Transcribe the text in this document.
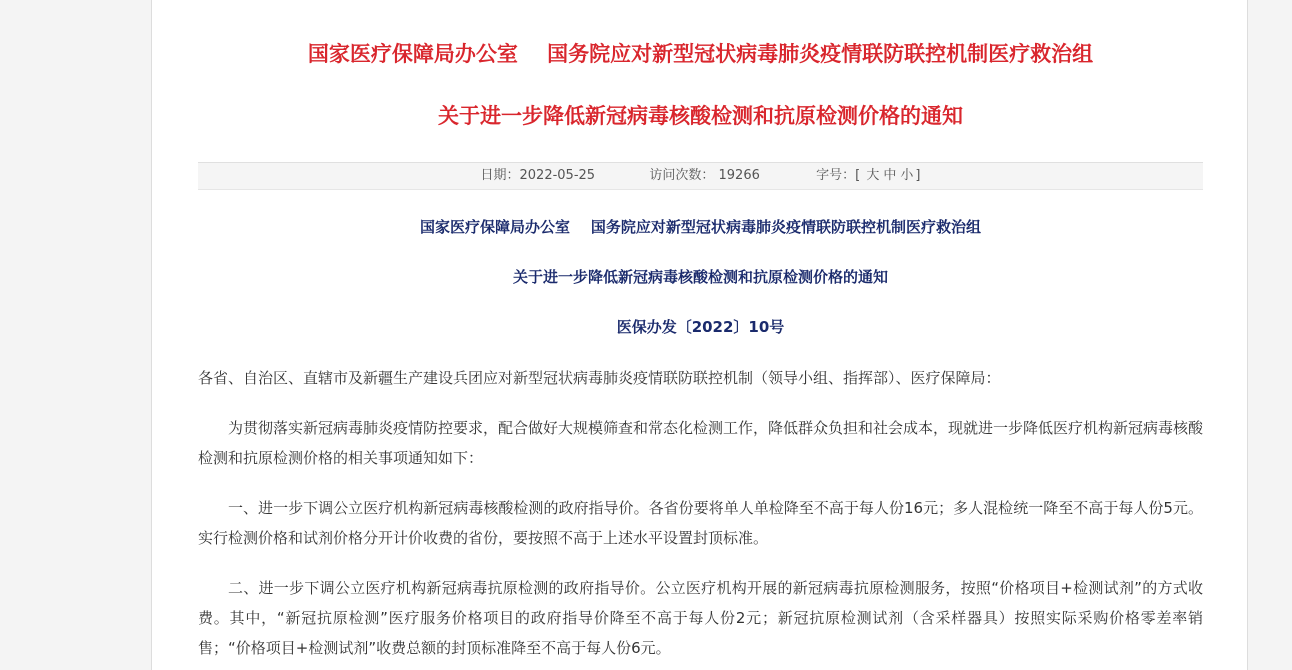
国家医疗保障局办公室    国务院应对新型冠状病毒肺炎疫情联防联控机制医疗救治组
关于进一步降低新冠病毒核酸检测和抗原检测价格的通知
日期：2022-05-25	访问次数： 19266	字号：[ 大 中 小 ]
国家医疗保障局办公室    国务院应对新型冠状病毒肺炎疫情联防联控机制医疗救治组
关于进一步降低新冠病毒核酸检测和抗原检测价格的通知
医保办发〔2022〕10号
各省、自治区、直辖市及新疆生产建设兵团应对新型冠状病毒肺炎疫情联防联控机制（领导小组、指挥部）、医疗保障局：
为贯彻落实新冠病毒肺炎疫情防控要求，配合做好大规模筛查和常态化检测工作，降低群众负担和社会成本，现就进一步降低医疗机构新冠病毒核酸检测和抗原检测价格的相关事项通知如下：
一、进一步下调公立医疗机构新冠病毒核酸检测的政府指导价。各省份要将单人单检降至不高于每人份16元；多人混检统一降至不高于每人份5元。实行检测价格和试剂价格分开计价收费的省份，要按照不高于上述水平设置封顶标准。
二、进一步下调公立医疗机构新冠病毒抗原检测的政府指导价。公立医疗机构开展的新冠病毒抗原检测服务，按照“价格项目+检测试剂”的方式收费。其中，“新冠抗原检测”医疗服务价格项目的政府指导价降至不高于每人份2元；新冠抗原检测试剂（含采样器具）按照实际采购价格零差率销售；“价格项目+检测试剂”收费总额的封顶标准降至不高于每人份6元。
